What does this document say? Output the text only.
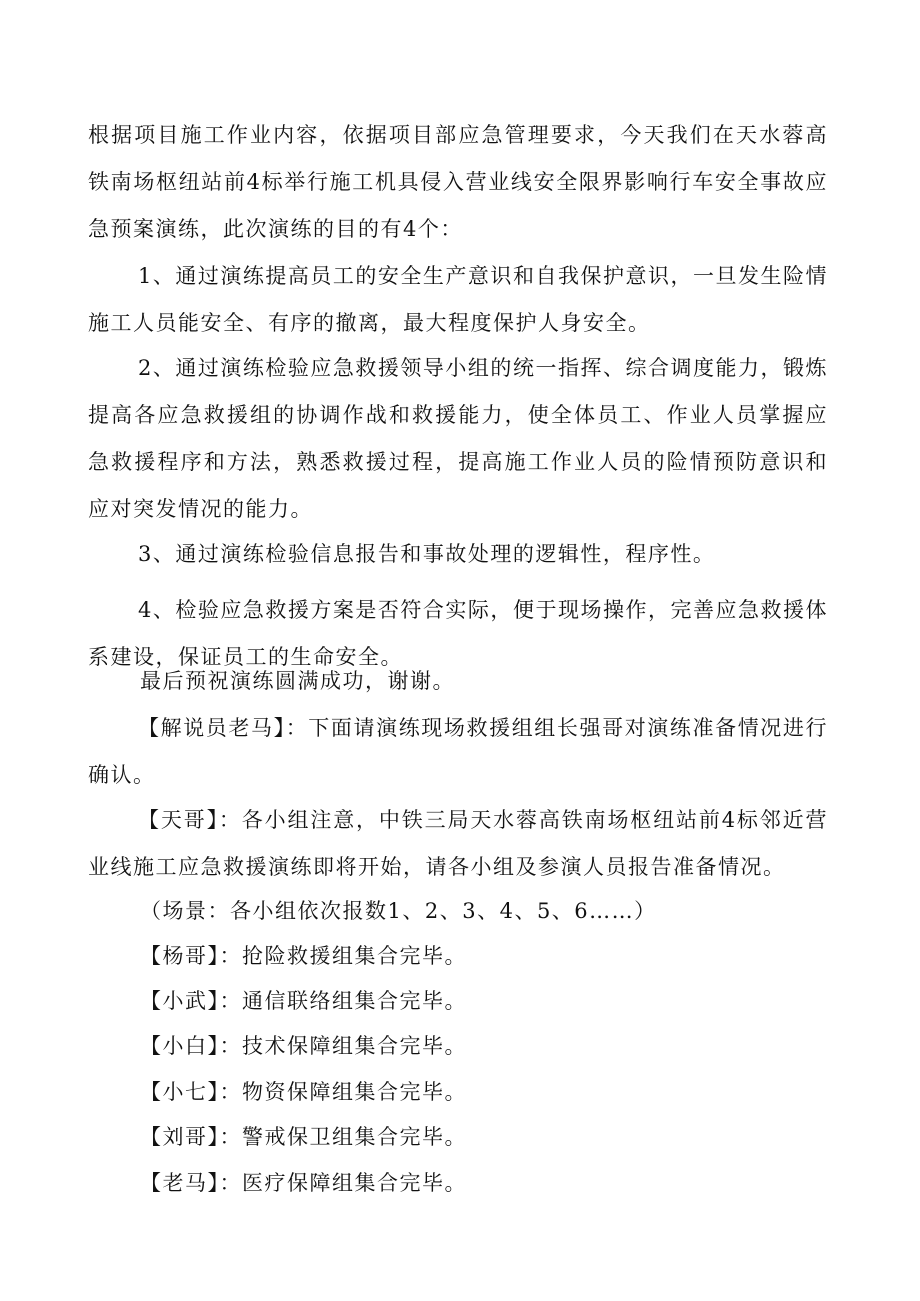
根据项目施工作业内容，依据项目部应急管理要求，今天我们在天水蓉高铁南场枢纽站前4标举行施工机具侵入营业线安全限界影响行车安全事故应急预案演练，此次演练的目的有4个：

1、通过演练提高员工的安全生产意识和自我保护意识，一旦发生险情施工人员能安全、有序的撤离，最大程度保护人身安全。

2、通过演练检验应急救援领导小组的统一指挥、综合调度能力，锻炼提高各应急救援组的协调作战和救援能力，使全体员工、作业人员掌握应急救援程序和方法，熟悉救援过程，提高施工作业人员的险情预防意识和应对突发情况的能力。

3、通过演练检验信息报告和事故处理的逻辑性，程序性。

4、检验应急救援方案是否符合实际，便于现场操作，完善应急救援体系建设，保证员工的生命安全。

最后预祝演练圆满成功，谢谢。

【解说员老马】：下面请演练现场救援组组长强哥对演练准备情况进行确认。

【天哥】：各小组注意，中铁三局天水蓉高铁南场枢纽站前4标邻近营业线施工应急救援演练即将开始，请各小组及参演人员报告准备情况。

（场景：各小组依次报数1、2、3、4、5、6……）

【杨哥】：抢险救援组集合完毕。

【小武】：通信联络组集合完毕。

【小白】：技术保障组集合完毕。

【小七】：物资保障组集合完毕。

【刘哥】：警戒保卫组集合完毕。

【老马】：医疗保障组集合完毕。
